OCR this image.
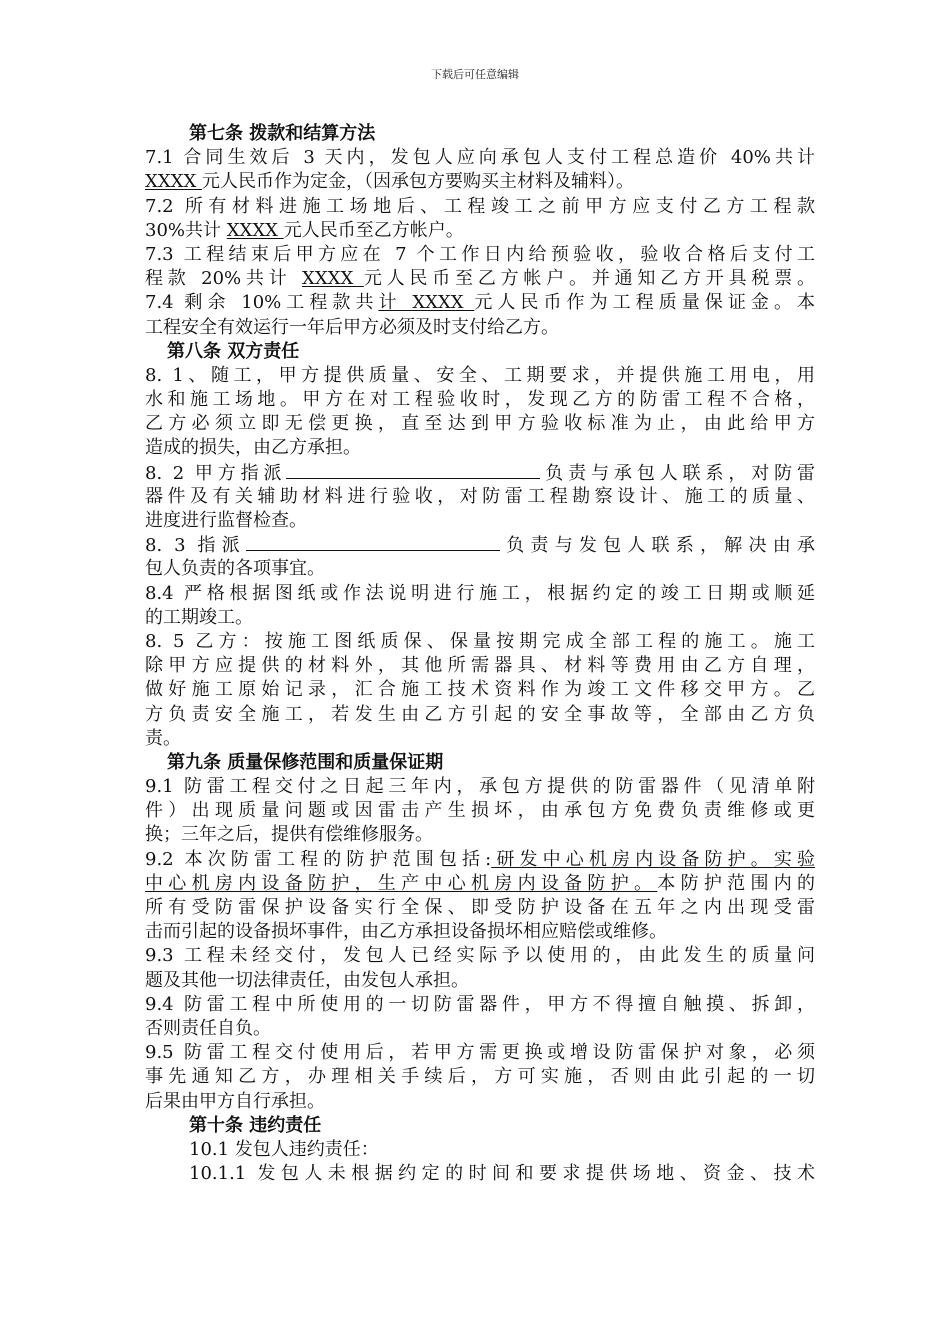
下载后可任意编辑
第七条 拨款和结算方法
7.1 合同生效后 3 天内，发包人应向承包人支付工程总造价 40%共计
XXXX 元人民币作为定金，（因承包方要购买主材料及辅料）。
7.2 所有材料进施工场地后、工程竣工之前甲方应支付乙方工程款
30%共计 XXXX 元人民币至乙方帐户。
7.3 工程结束后甲方应在 7 个工作日内给预验收，验收合格后支付工
程款 20%共计 XXXX 元人民币至乙方帐户。并通知乙方开具税票。
7.4 剩余 10%工程款共计 XXXX 元人民币作为工程质量保证金。本
工程安全有效运行一年后甲方必须及时支付给乙方。
第八条 双方责任
8. 1、随工，甲方提供质量、安全、工期要求，并提供施工用电，用
水和施工场地。甲方在对工程验收时，发现乙方的防雷工程不合格，
乙方必须立即无偿更换，直至达到甲方验收标准为止，由此给甲方
造成的损失，由乙方承担。
8. 2 甲方指派	负责与承包人联系，对防雷
器件及有关辅助材料进行验收，对防雷工程勘察设计、施工的质量、
进度进行监督检查。
8. 3 指派	负责与发包人联系，解决由承
包人负责的各项事宜。
8.4 严格根据图纸或作法说明进行施工，根据约定的竣工日期或顺延
的工期竣工。
8. 5 乙方：按施工图纸质保、保量按期完成全部工程的施工。施工
除甲方应提供的材料外，其他所需器具、材料等费用由乙方自理，
做好施工原始记录，汇合施工技术资料作为竣工文件移交甲方。乙
方负责安全施工，若发生由乙方引起的安全事故等，全部由乙方负
责。
第九条 质量保修范围和质量保证期
9.1 防雷工程交付之日起三年内，承包方提供的防雷器件（见清单附
件）出现质量问题或因雷击产生损坏，由承包方免费负责维修或更
换；三年之后，提供有偿维修服务。
9.2 本次防雷工程的防护范围包括:研发中心机房内设备防护。实验
中心机房内设备防护，生产中心机房内设备防护。本防护范围内的
所有受防雷保护设备实行全保、即受防护设备在五年之内出现受雷
击而引起的设备损坏事件，由乙方承担设备损坏相应赔偿或维修。
9.3 工程未经交付，发包人已经实际予以使用的，由此发生的质量问
题及其他一切法律责任，由发包人承担。
9.4 防雷工程中所使用的一切防雷器件，甲方不得擅自触摸、拆卸，
否则责任自负。
9.5 防雷工程交付使用后，若甲方需更换或增设防雷保护对象，必须
事先通知乙方，办理相关手续后，方可实施，否则由此引起的一切
后果由甲方自行承担。
第十条 违约责任
10.1 发包人违约责任：
10.1.1 发包人未根据约定的时间和要求提供场地、资金、技术
